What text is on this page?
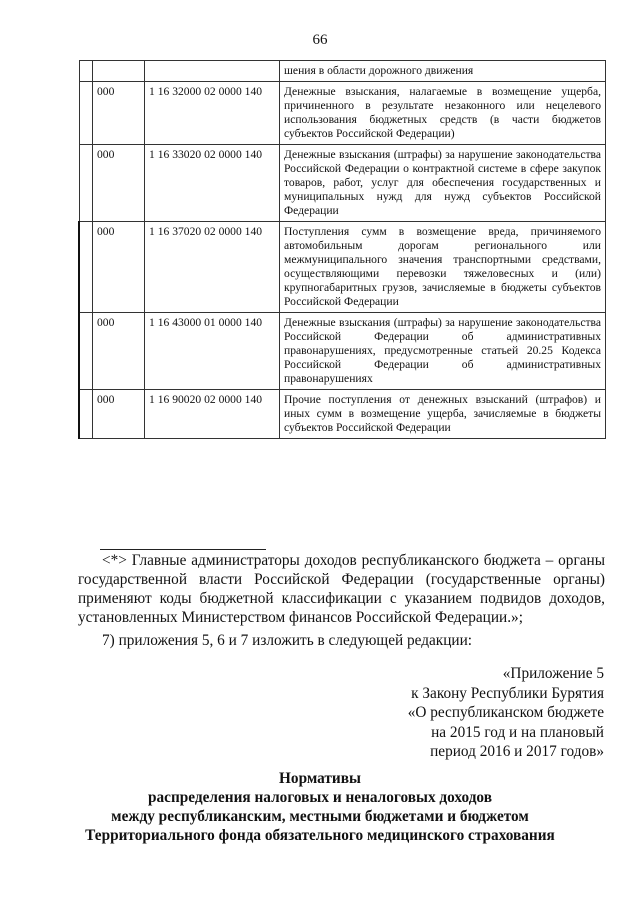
66
			шения в области дорожного движения
	000	1 16 32000 02 0000 140	Денежные взыскания, налагаемые в возмещение ущерба, причиненного в результате незаконного или нецелевого использования бюджетных средств (в части бюджетов субъектов Российской Федерации)
	000	1 16 33020 02 0000 140	Денежные взыскания (штрафы) за нарушение законодательства Российской Федерации о контрактной системе в сфере закупок товаров, работ, услуг для обеспечения государственных и муниципальных нужд для нужд субъектов Российской Федерации
	000	1 16 37020 02 0000 140	Поступления сумм в возмещение вреда, причиняемого автомобильным дорогам регионального или межмуниципального значения транспортными средствами, осуществляющими перевозки тяжеловесных и (или) крупногабаритных грузов, зачисляемые в бюджеты субъектов Российской Федерации
	000	1 16 43000 01 0000 140	Денежные взыскания (штрафы) за нарушение законодательства Российской Федерации об административных правонарушениях, предусмотренные статьей 20.25 Кодекса Российской Федерации об административных правонарушениях
	000	1 16 90020 02 0000 140	Прочие поступления от денежных взысканий (штрафов) и иных сумм в возмещение ущерба, зачисляемые в бюджеты субъектов Российской Федерации

<*> Главные администраторы доходов республиканского бюджета – органы государственной власти Российской Федерации (государственные органы) применяют коды бюджетной классификации с указанием подвидов доходов, установленных Министерством финансов Российской Федерации.»;

7) приложения 5, 6 и 7 изложить в следующей редакции:
«Приложение 5
к Закону Республики Бурятия
«О республиканском бюджете
на 2015 год и на плановый
период 2016 и 2017 годов»
Нормативы
распределения налоговых и неналоговых доходов
между республиканским, местными бюджетами и бюджетом
Территориального фонда обязательного медицинского страхования
